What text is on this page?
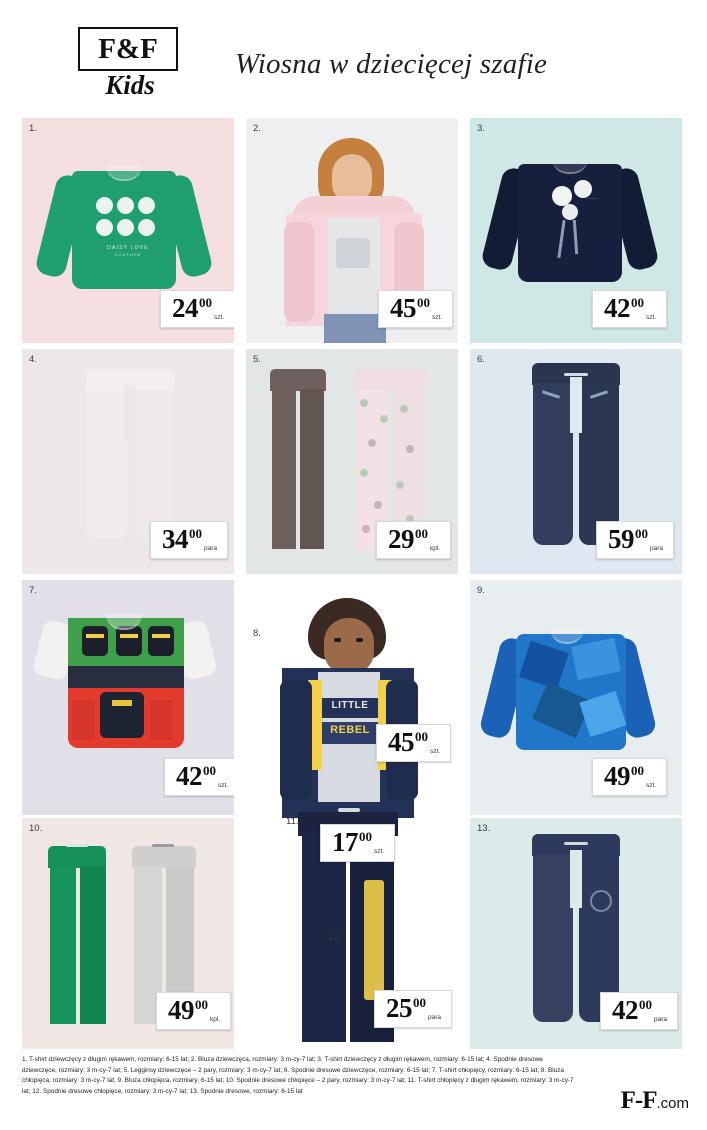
F&F
Kids
Wiosna w dziecięcej szafie
1.
DAISY LOVE
COUTURE
24 00
szt.
2.
45 00
szt.
3.
~~~~~
42 00
szt.
4.
34 00
para
5.
29 00
kpl.
6.
59 00
para
7.
42 00
szt.
8.
11.
12.
LITTLE
REBEL 45 00
szt.
17 00
szt.
25 00
para
9.
49 00
szt.
10.
49 00
kpl.
13.
42 00
para
1. T-shirt dziewczęcy z długim rękawem, rozmiary: 6-15 lat; 2. Bluza dziewczęca, rozmiary: 3 m-cy-7 lat; 3. T-shirt dziewczęcy z długim rękawem, rozmiary: 6-15 lat; 4. Spodnie dresowe dziewczęce, rozmiary: 3 m-cy-7 lat; 5. Legginsy dziewczęce – 2 pary, rozmiary: 3 m-cy-7 lat; 6. Spodnie dresowe dziewczęce, rozmiary: 6-15 lat; 7. T-shirt chłopięcy, rozmiary: 6-15 lat; 8. Bluza chłopięca, rozmiary: 3 m-cy-7 lat; 9. Bluza chłopięca, rozmiary: 6-15 lat; 10. Spodnie dresowe chłopięce – 2 pary, rozmiary: 3 m-cy-7 lat; 11. T-shirt chłopięcy z długim rękawem, rozmiary: 3 m-cy-7 lat; 12. Spodnie dresowe chłopięce, rozmiary: 3 m-cy-7 lat; 13. Spodnie dresowe, rozmiary: 6-15 lat	F-F.com
